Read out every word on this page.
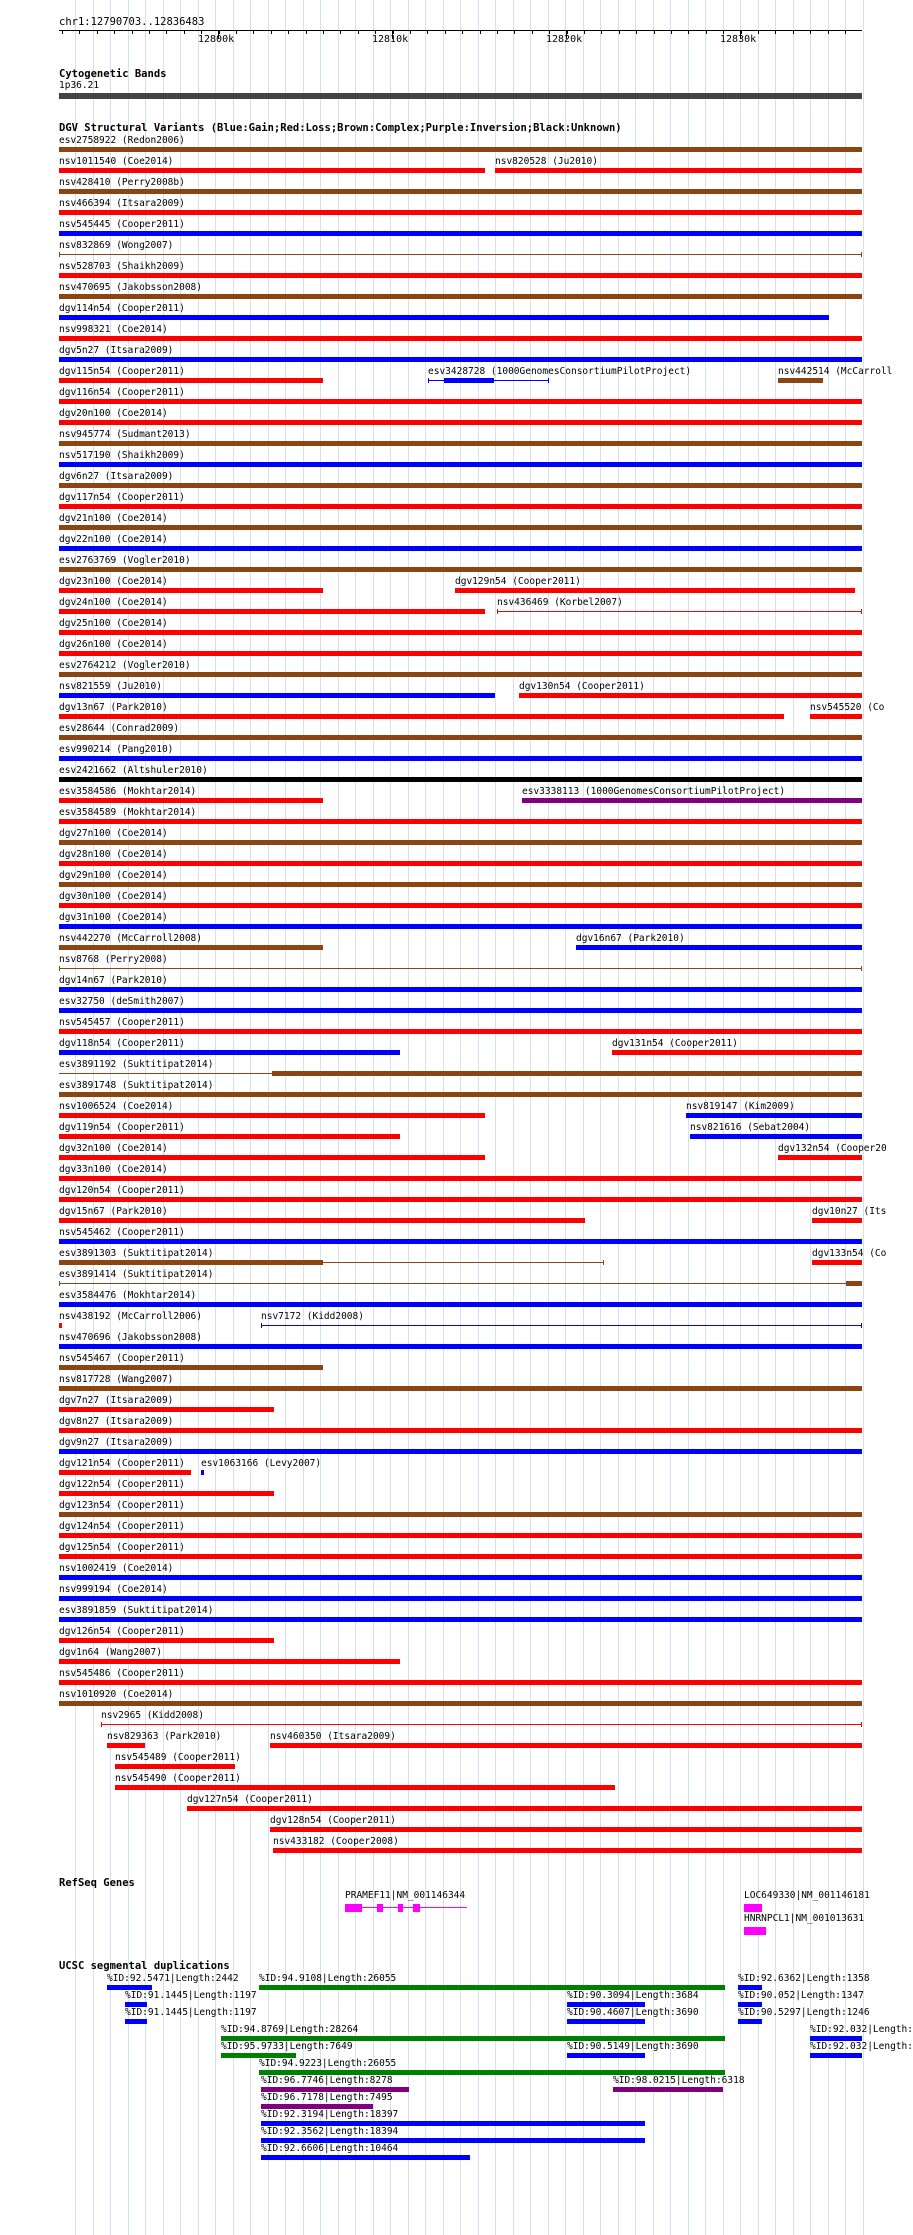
chr1:12790703..12836483
12800k	12810k	12820k	12830k
Cytogenetic Bands
1p36.21
DGV Structural Variants (Blue:Gain;Red:Loss;Brown:Complex;Purple:Inversion;Black:Unknown)
esv2758922 (Redon2006)
nsv1011540 (Coe2014)	nsv820528 (Ju2010)
nsv428410 (Perry2008b)
nsv466394 (Itsara2009)
nsv545445 (Cooper2011)
nsv832869 (Wong2007)
nsv528703 (Shaikh2009)
nsv470695 (Jakobsson2008)
dgv114n54 (Cooper2011)
nsv998321 (Coe2014)
dgv5n27 (Itsara2009)
dgv115n54 (Cooper2011)	esv3428728 (1000GenomesConsortiumPilotProject)	nsv442514 (McCarroll
dgv116n54 (Cooper2011)
dgv20n100 (Coe2014)
nsv945774 (Sudmant2013)
nsv517190 (Shaikh2009)
dgv6n27 (Itsara2009)
dgv117n54 (Cooper2011)
dgv21n100 (Coe2014)
dgv22n100 (Coe2014)
esv2763769 (Vogler2010)
dgv23n100 (Coe2014)	dgv129n54 (Cooper2011)
dgv24n100 (Coe2014)	nsv436469 (Korbel2007)
dgv25n100 (Coe2014)
dgv26n100 (Coe2014)
esv2764212 (Vogler2010)
nsv821559 (Ju2010)	dgv130n54 (Cooper2011)
dgv13n67 (Park2010)	nsv545520 (Co
esv28644 (Conrad2009)
esv990214 (Pang2010)
esv2421662 (Altshuler2010)
esv3584586 (Mokhtar2014)	esv3338113 (1000GenomesConsortiumPilotProject)
esv3584589 (Mokhtar2014)
dgv27n100 (Coe2014)
dgv28n100 (Coe2014)
dgv29n100 (Coe2014)
dgv30n100 (Coe2014)
dgv31n100 (Coe2014)
nsv442270 (McCarroll2008)	dgv16n67 (Park2010)
nsv8768 (Perry2008)
dgv14n67 (Park2010)
esv32750 (deSmith2007)
nsv545457 (Cooper2011)
dgv118n54 (Cooper2011)	dgv131n54 (Cooper2011)
esv3891192 (Suktitipat2014)
esv3891748 (Suktitipat2014)
nsv1006524 (Coe2014)	nsv819147 (Kim2009)
dgv119n54 (Cooper2011)	nsv821616 (Sebat2004)
dgv32n100 (Coe2014)	dgv132n54 (Cooper20
dgv33n100 (Coe2014)
dgv120n54 (Cooper2011)
dgv15n67 (Park2010)	dgv10n27 (Its
nsv545462 (Cooper2011)
esv3891303 (Suktitipat2014)	dgv133n54 (Co
esv3891414 (Suktitipat2014)
esv3584476 (Mokhtar2014)
nsv438192 (McCarroll2006)	nsv7172 (Kidd2008)
nsv470696 (Jakobsson2008)
nsv545467 (Cooper2011)
nsv817728 (Wang2007)
dgv7n27 (Itsara2009)
dgv8n27 (Itsara2009)
dgv9n27 (Itsara2009)
dgv121n54 (Cooper2011) esv1063166 (Levy2007)
dgv122n54 (Cooper2011)
dgv123n54 (Cooper2011)
dgv124n54 (Cooper2011)
dgv125n54 (Cooper2011)
nsv1002419 (Coe2014)
nsv999194 (Coe2014)
esv3891859 (Suktitipat2014)
dgv126n54 (Cooper2011)
dgv1n64 (Wang2007)
nsv545486 (Cooper2011)
nsv1010920 (Coe2014)
nsv2965 (Kidd2008)
nsv829363 (Park2010)	nsv460350 (Itsara2009)
nsv545489 (Cooper2011)
nsv545490 (Cooper2011)
dgv127n54 (Cooper2011)
dgv128n54 (Cooper2011)
nsv433182 (Cooper2008)
RefSeq Genes
PRAMEF11|NM_001146344	LOC649330|NM_001146181
HNRNPCL1|NM_001013631
UCSC segmental duplications
%ID:92.5471|Length:2442 %ID:94.9108|Length:26055	%ID:92.6362|Length:1358
%ID:91.1445|Length:1197	%ID:90.3094|Length:3684	%ID:90.052|Length:1347
%ID:91.1445|Length:1197	%ID:90.4607|Length:3690	%ID:90.5297|Length:1246
%ID:94.8769|Length:28264	%ID:92.032|Length:
%ID:95.9733|Length:7649	%ID:90.5149|Length:3690	%ID:92.032|Length:
%ID:94.9223|Length:26055
%ID:96.7746|Length:8278	%ID:98.0215|Length:6318
%ID:96.7178|Length:7495
%ID:92.3194|Length:18397
%ID:92.3562|Length:18394
%ID:92.6606|Length:10464
